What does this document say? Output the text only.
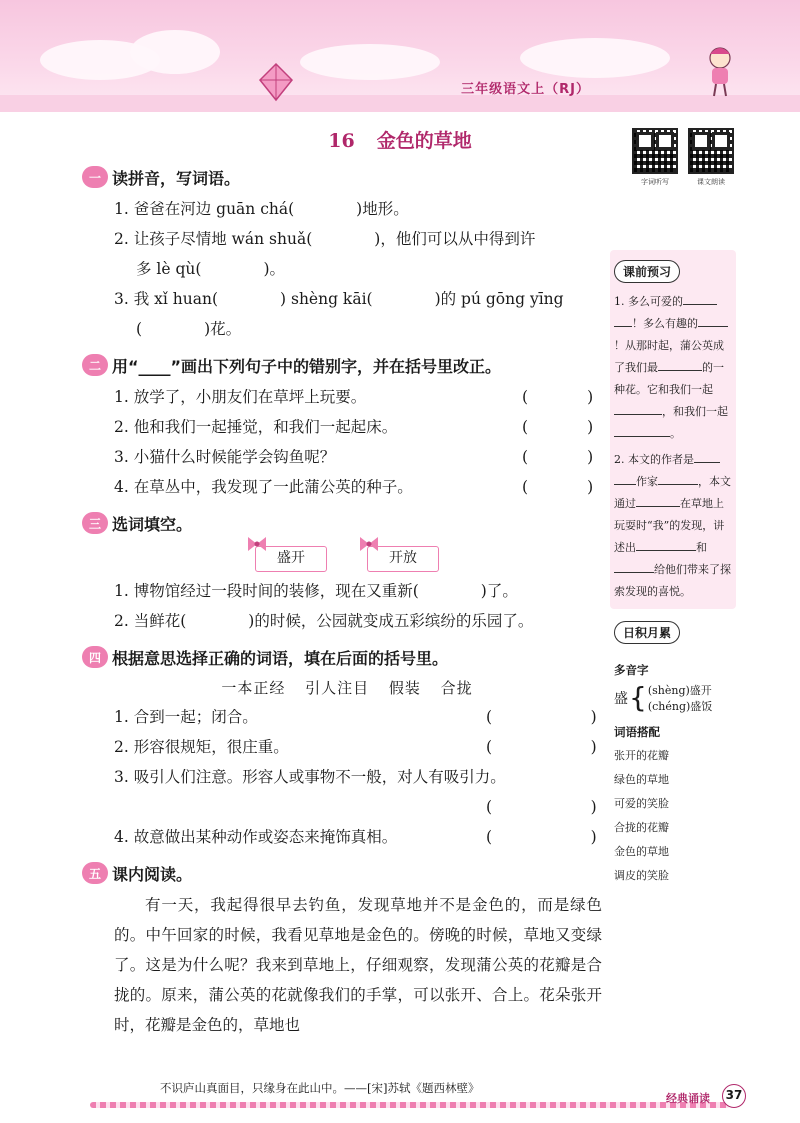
三年级语文上（RJ）
16 金色的草地
字词听写	课文朗读
一 读拼音，写词语。
1. 爸爸在河边 guān chá(	)地形。
2. 让孩子尽情地 wán shuǎ(	)，他们可以从中得到许
多 lè qù(	)。
3. 我 xǐ huan(	) shèng kāi(	)的 pú gōng yīng
(	)花。
二 用“____”画出下列句子中的错别字，并在括号里改正。
1. 放学了，小朋友们在草坪上玩要。	(            )
2. 他和我们一起捶觉，和我们一起起床。	(            )
3. 小猫什么时候能学会钩鱼呢？	(            )
4. 在草丛中，我发现了一此蒲公英的种子。	(            )
三 选词填空。
盛开	开放
1. 博物馆经过一段时间的装修，现在又重新(	)了。
2. 当鲜花(	)的时候，公园就变成五彩缤纷的乐园了。
四 根据意思选择正确的词语，填在后面的括号里。
一本正经 引人注目 假装 合拢
1. 合到一起；闭合。	(                    )
2. 形容很规矩，很庄重。	(                    )
3. 吸引人们注意。形容人或事物不一般，对人有吸引力。
(                    )
4. 故意做出某种动作或姿态来掩饰真相。	(                    )
五 课内阅读。
有一天，我起得很早去钓鱼，发现草地并不是金色的，而是绿色的。中午回家的时候，我看见草地是金色的。傍晚的时候，草地又变绿了。这是为什么呢？我来到草地上，仔细观察，发现蒲公英的花瓣是合拢的。原来，蒲公英的花就像我们的手掌，可以张开、合上。花朵张开时，花瓣是金色的，草地也
课前预习
1. 多么可爱的！多么有趣的！从那时起，蒲公英成了我们最	的一种花。它和我们一起，和我们一起。
2. 本文的作者是作家	，本文通过	在草地上玩耍时“我”的发现，讲述出	和给他们带来了探索发现的喜悦。
日积月累
多音字
盛 { (shèng)盛开
(chéng)盛饭
词语搭配
张开的花瓣
绿色的草地
可爱的笑脸
合拢的花瓣
金色的草地
调皮的笑脸
不识庐山真面目，只缘身在此山中。——[宋]苏轼《题西林壁》
经典诵读	37
